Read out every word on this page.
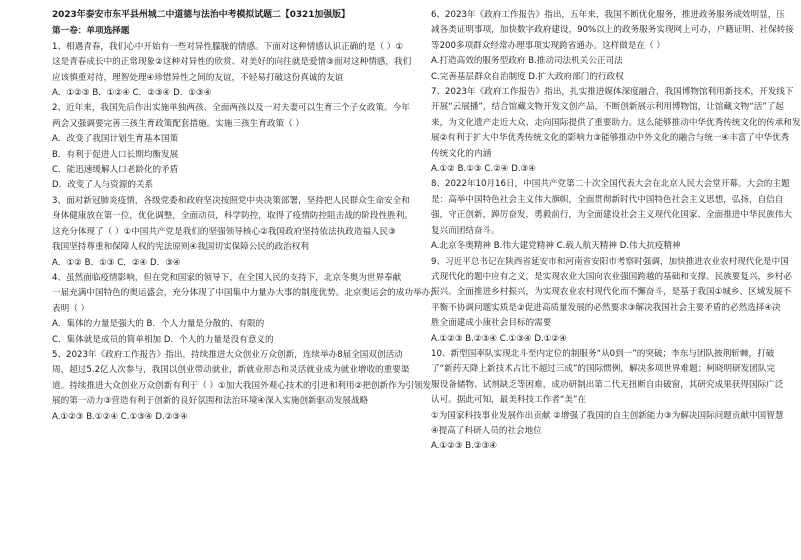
2023年泰安市东平县州城二中道德与法治中考模拟试题二【0321加强版】
第一卷：单项选择题
1、相遇青春，我们心中开始有一些对异性朦胧的情感。下面对这种情感认识正确的是（ ）①
这是青春成长中的正常现象②这种对异性的欣赏、对美好的向往就是爱情③面对这种情感，我们
应该慎重对待，理智处理④珍惜异性之间的友谊，不轻易打破这份真诚的友谊
A．①②③ B．①②④ C．②③④ D．①③④
2、近年来，我国先后作出实施单独两孩、全面两孩以及一对夫妻可以生育三个子女政策。今年
两会又强调要完善三孩生育政策配套措施。实施三孩生育政策（ ）
A．改变了我国计划生育基本国策
B．有利于促进人口长期均衡发展
C．能迅速缓解人口老龄化的矛盾
D．改变了人与资源的关系
3、面对新冠肺炎疫情，各级党委和政府坚决按照党中央决策部署，坚持把人民群众生命安全和
身体健康放在第一位，优化调整，全面动员，科学防控，取得了疫情防控阻击战的阶段性胜利。
这充分体现了（ ）①中国共产党是我们的坚强领导核心②我国政府坚持依法执政造福人民③
我国坚持尊重和保障人权的宪法原则④我国切实保障公民的政治权利
A．①② B．①③ C．②④ D．③④
4、虽然面临疫情影响，但在党和国家的领导下，在全国人民的支持下，北京冬奥为世界奉献
一届充满中国特色的奥运盛会，充分体现了中国集中力量办大事的制度优势。北京奥运会的成功举办，
表明（ ）
A．集体的力量是强大的 B．个人力量是分散的、有限的
C．集体就是成员的简单相加 D．个人的力量是没有意义的
5、2023年《政府工作报告》指出，持续推进大众创业万众创新，连续举办8届全国双创活动
周，超过5.2亿人次参与，我国以创业带动就业，新就业形态和灵活就业成为就业增收的重要渠
道。持续推进大众创业万众创新有利于（ ）①加大我国外观心技术的引进和利用②把创新作为引领发
展的第一动力③营造有利于创新的良好氛围和法治环境④深入实施创新驱动发展战略
A.①②③ B.①②④ C.①③④ D.②③④
6、2023年《政府工作报告》指出，五年来，我国不断优化服务，推进政务服务成效明显，压
减各类证明事项，加快数字政府建设，90%以上的政务服务实现网上可办，户籍证明、社保转接
等200多项群众经常办理事项实现跨省通办。这样做是在（ ）
A.打造高效的服务型政府 B.推动司法机关公正司法
C.完善基层群众自治制度 D.扩大政府部门的行政权
7、2023年《政府工作报告》指出，扎实推进媒体深度融合，我国博物馆利用新技术，开发线下
开展“云展播”，结合馆藏文物开发文创产品，不断创新展示利用博物馆，让馆藏文物“活”了起
来，为文化遗产走近大众、走向国际提供了重要助力。这么能够推动中华优秀传统文化的传承和发
展②有利于扩大中华优秀传统文化的影响力③能够推动中外文化的融合与统一④丰富了中华优秀
传统文化的内涵
A.①② B.①③ C.②④ D.③④
8、2022年10月16日，中国共产党第二十次全国代表大会在北京人民大会堂开幕。大会的主题
是：高举中国特色社会主义伟大旗帜，全面贯彻新时代中国特色社会主义思想，弘扬，自信自
强，守正创新，踔厉奋发，勇毅前行，为全面建设社会主义现代化国家、全面推进中华民族伟大
复兴而团结奋斗。
A.北京冬奥精神 B.伟大建党精神 C.载人航天精神 D.伟大抗疫精神
9、习近平总书记在陕西省延安市和河南省安阳市考察时强调，加快推进农业农村现代化是中国
式现代化的题中应有之义，是实现农业大国向农业强国跨越的基础和支撑。民族要复兴，乡村必
振兴。全面推进乡村振兴，为实现农业农村现代化而不懈奋斗，是基于我国①城乡、区域发展不
平衡不协调问题实质是②促进高质量发展的必然要求③解决我国社会主要矛盾的必然选择④决
胜全面建成小康社会目标的需要
A.①②③ B.②③④ C.①③④ D.①②④
10、新型国率队实现北斗至内定位的制服务“从0到一”的突破；李东与团队披荆斩棘，打破
了“新药天降上新技术占比不超过三成”的国际惯例，解决多项世界难题；柯晓明研发团队完
服设备储物、试剂缺乏等困难，成功研制出第二代无扭断自由破窗，其研究成果获得国际广泛
认可。据此可知，最美科技工作者“美”在
①为国家科技事业发展作出贡献 ②增强了我国的自主创新能力③为解决国际问题贡献中国智慧
④提高了科研人员的社会地位
A.①②③ B.②③④
